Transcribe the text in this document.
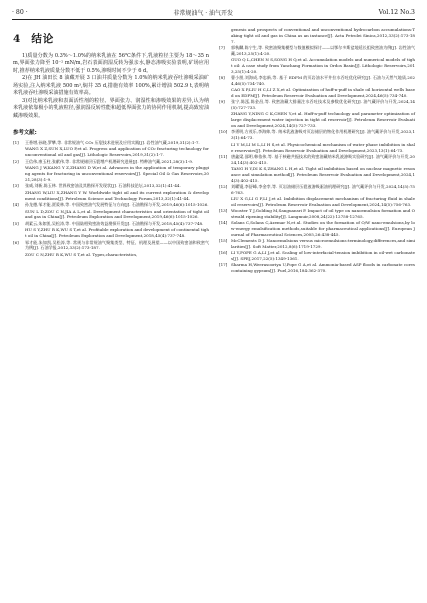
· 80 ·	非常规油气 · 油气开发	Vol.12 No.3
4 结论

1)质量分数为 0.3%～1.0%的纳米乳液在 56℃条件下,乳液粒径主要为 18～35 nm,界面张力降至 10⁻² mN/m,岩石表面润湿反转为强亲水,静态渗吸实验表明,矿场应用时,推荐纳米乳液质量分数不低于 0.5%,渗吸时间不少于 6 d。

2)在 JH 油田长 8 油藏开展 3 口油井质量分数为 1.0%的纳米乳液吞吐渗吸采油矿场实验,注入纳米乳液 500 m³,焖井 35 d,措施有效率 100%,累计增油 502.9 t,表明纳米乳液吞吐渗吸采油措施有效率高。

3)对比纳米乳液和表面活性剂的粒径、界面张力、润湿性和渗吸效果的差异,认为纳米乳液依靠极小的乳液粒径,强润湿反转性能和超低界面张力的协同作用机制,提高致密油藏渗吸效果。

参考文献:
[1]	王香增,孙晓,罗攀,等. 非常规油气 CO₂ 压裂技术进展及应用实践[J]. 岩性油气藏,2019,31(2):1-7.
WANG X Z,SUN X,LUO P,et al. Progress and application of CO₂ fracturing technology for unconventional oil and gas[J]. Lithologic Reservoirs,2019,31(2):1-7.
[2]	王信伟,康玉柱,张献伟,等. 非常规储层压裂增产机理研究进展[J]. 特种油气藏,2021,28(3):1-9.
WANG J W,KANG Y Z,ZHANG D W,et al. Advances in the application of temporary plugging agents for fracturing in unconventional reservoirs[J]. Special Oil & Gas Reservoirs,2021,28(3):1-9.
[3]	张威,刘新,陈玉林. 世界致密油及其勘探开发现状[J]. 石油科技论坛,2013,32(1):41-44.
ZHANG W,LIU X,ZHANG Y W. Worldwide tight oil and its current exploration & development conditions[J]. Petroleum Science and Technology Forum,2013,32(1):41-44.
[4]	孙龙德,邹才能,贾爱林,等. 中国致密油气发展特征与方向[J]. 石油勘探与开发,2019,46(6):1015-1026.
SUN L D,ZOU C N,JIA A L,et al. Development characteristics and orientation of tight oil and gas in China[J]. Petroleum Exploration and Development,2019,46(6):1015-1026.
[5]	胡素云,朱如凯,吴松涛,等. 中国陆相致密油效益勘探开发[J]. 石油勘探与开发,2018,45(4):737-748.
HU S Y,ZHU R K,WU S T,et al. Profitable exploration and development of continental tight oil in China[J]. Petroleum Exploration and Development,2018,45(4):737-748.
[6]	邹才能,朱如凯,吴松涛,等. 常规与非常规油气聚集类型、特征、机理及展望——以中国致密油和致密气为例[J]. 石油学报,2012,33(2):173-187.
ZOU C N,ZHU R K,WU S T,et al. Types,characteristics,
genesis and prospects of conventional and unconventional hydrocarbon accumulations:Taking tight oil and gas in China as an instance[J]. Acta Petrolei Sinica,2012,33(2):173-187.
[7]	郭秋麟,陈宁生,等. 致密油聚集模型与数值模拟探讨——以鄂尔多斯盆地延长组致密油为例[J]. 岩性油气藏,2013,25(1):4-20.
GUO Q L,CHEN N S,SONG H Q,et al. Accumulation models and numerical models of tight oil: A case study from Yanchang Formation in Ordos Basin[J]. Lithologic Reservoirs,2013,25(1):4-20.
[8]	曹小朋,刘海成,李忠新,等. 基于 EDFM 的页岩油水平井拉水吞吐优化研究[J]. 石油与天然气地质,2024,46(5):734-740.
CAO X P,LIU H C,LI Z X,et al. Optimization of huff-n-puff in shale oil horizontal wells based on EDFM[J]. Petroleum Reservoir Evaluation and Development,2024,46(5):734-740.
[9]	张宁,陈泓,陈金昌,等. 致密油藏大排量注水吞吐技术及参数优化研究[J]. 油气藏评价与开发,2024,14(5):727-733.
ZHANG Y,NING C K,CHEN Y,et al. Huff-n-puff technology and parameter optimization of large displacement water injection in tight oil reservoir[J]. Petroleum Reservoir Evaluation and Development,2024,14(5):727-733.
[10] 李勇明,方茂乐,李海帅,等. 纳米乳液渗吸对页岩储层的物化作用机理研究[J]. 油气藏评价与开发,2023,13(1):64-73.
LI Y M,LI M L,LI H S,et al. Physicochemical mechanism of water phase imbibition in shale reservoirs[J]. Petroleum Reservoir Evaluation and Development,2023,13(1):64-73.
[11] 唐鑫梁,邵明,韩依伟,等. 基于核磁共振技术的致密油藏纳米乳液渗吸实验研究[J]. 油气藏评价与开发,2024,14(3):402-415.
TANG H Y,DI K S,ZHANG L H,et al. Tight oil imbibition based on nuclear magnetic resonance and simulation method[J]. Petroleum Reservoir Evaluation and Development,2024,14(3):402-415.
[12] 刘曜锟,李舒峰,李金孪,等. 页岩油储层压裂液渗吸驱油机理研究[J]. 油气藏评价与开发,2024,14(5):756-763.
LIU X G,LI G F,LI J,et al. Imbibition displacement mechanism of fracturing fluid in shale oil reservoirs[J]. Petroleum Reservoir Evaluation and Development,2024,14(5):756-763.
[13] Wooster T J,Golding M,Sanguansri P. Impact of oil type on nanoemulsion formation and Ostwald ripening stability[J]. Langmuir,2008,24(22):12758-12765.
[14] Solans C,Solans C,Azemar N,et al. Studies on the formation of O/W nano-emulsions,by low-energy emulsification methods,suitable for pharmaceutical applications[J]. European Journal of Pharmaceutical Sciences,2005,26:438-445.
[15] McClements D J. Nanoemulsions versus microemulsions:terminology,differences,and similarities[J]. Soft Matter,2012,8(6):1719-1729.
[16] LI Y,POPE G A,LI J,et al. Scaling of low-interfacial-tension imbibition in oil-wet carbonates[J]. SPEJ,2017,22(5):1349-1361.
[17] Sharma H,Weerasooriya U,Pope G A,et al. Ammonia-based ASP floods in carbonate cores containing gypsum[J]. Fuel,2016,184:362-370.
